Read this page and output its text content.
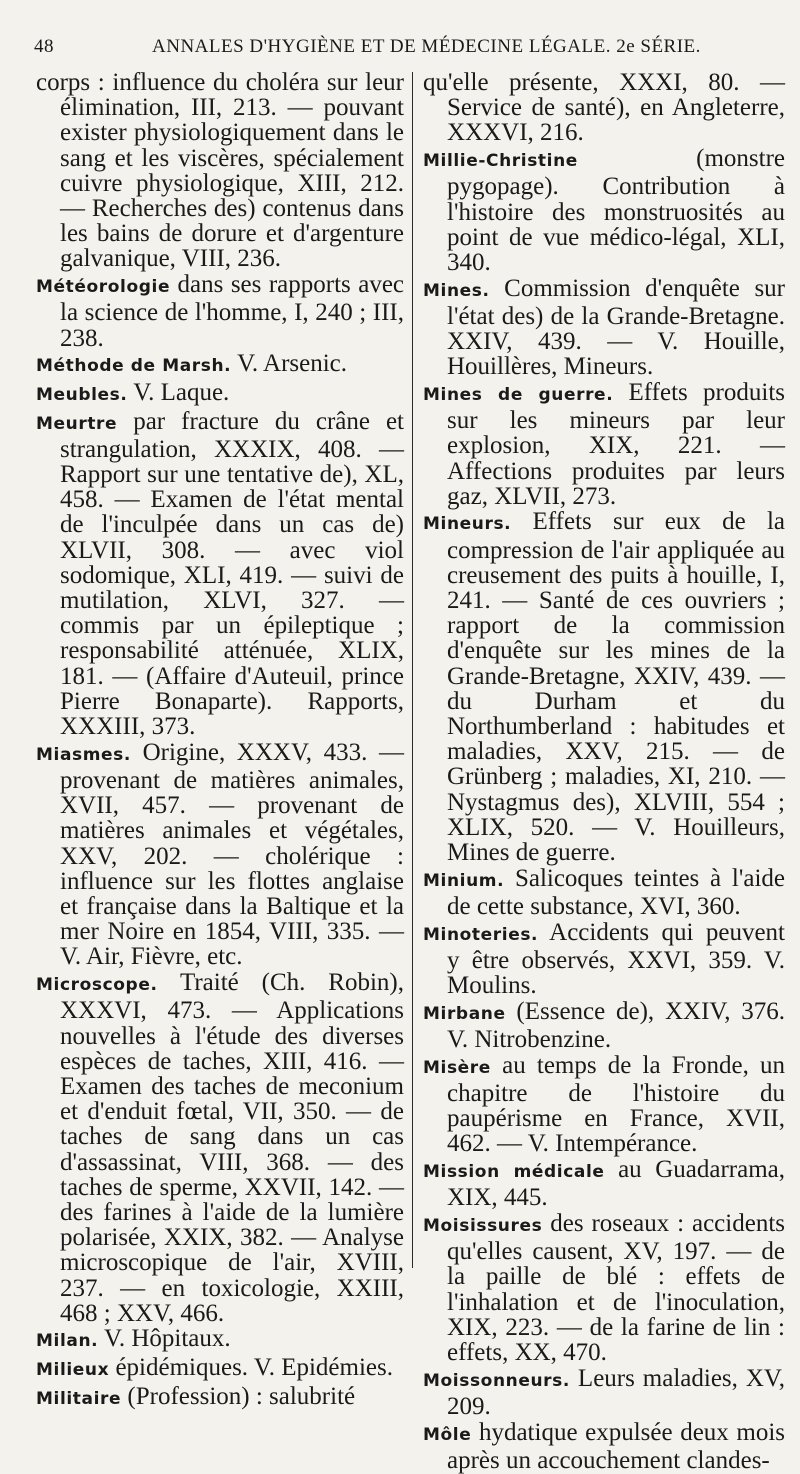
48	ANNALES D'HYGIÈNE ET DE MÉDECINE LÉGALE. 2e SÉRIE.

corps : influence du choléra sur leur élimination, III, 213. — pouvant exister physiologiquement dans le sang et les viscères, spécialement cuivre physiologique, XIII, 212. — Recherches des) contenus dans les bains de dorure et d'argenture galvanique, VIII, 236.

Météorologie dans ses rapports avec la science de l'homme, I, 240 ; III, 238.

Méthode de Marsh. V. Arsenic.

Meubles. V. Laque.

Meurtre par fracture du crâne et strangulation, XXXIX, 408. — Rapport sur une tentative de), XL, 458. — Examen de l'état mental de l'inculpée dans un cas de) XLVII, 308. — avec viol sodomique, XLI, 419. — suivi de mutilation, XLVI, 327. — commis par un épileptique ; responsabilité atténuée, XLIX, 181. — (Affaire d'Auteuil, prince Pierre Bonaparte). Rapports, XXXIII, 373.

Miasmes. Origine, XXXV, 433. — provenant de matières animales, XVII, 457. — provenant de matières animales et végétales, XXV, 202. — cholérique : influence sur les flottes anglaise et française dans la Baltique et la mer Noire en 1854, VIII, 335. — V. Air, Fièvre, etc.

Microscope. Traité (Ch. Robin), XXXVI, 473. — Applications nouvelles à l'étude des diverses espèces de taches, XIII, 416. — Examen des taches de meconium et d'enduit fœtal, VII, 350. — de taches de sang dans un cas d'assassinat, VIII, 368. — des taches de sperme, XXVII, 142. — des farines à l'aide de la lumière polarisée, XXIX, 382. — Analyse microscopique de l'air, XVIII, 237. — en toxicologie, XXIII, 468 ; XXV, 466.

Milan. V. Hôpitaux.

Milieux épidémiques. V. Epidémies.

Militaire (Profession) : salubrité

qu'elle présente, XXXI, 80. — Service de santé), en Angleterre, XXXVI, 216.

Millie-Christine	(monstre pygopage). Contribution à l'histoire des monstruosités au point de vue médico-légal, XLI, 340.

Mines. Commission d'enquête sur l'état des) de la Grande-Bretagne. XXIV, 439. — V. Houille, Houillères, Mineurs.

Mines de guerre. Effets produits sur les mineurs par leur explosion, XIX, 221. — Affections produites par leurs gaz, XLVII, 273.

Mineurs. Effets sur eux de la compression de l'air appliquée au creusement des puits à houille, I, 241. — Santé de ces ouvriers ; rapport de la commission d'enquête sur les mines de la Grande-Bretagne, XXIV, 439. — du Durham et du Northumberland : habitudes et maladies, XXV, 215. — de Grünberg ; maladies, XI, 210. — Nystagmus des), XLVIII, 554 ; XLIX, 520. — V. Houilleurs, Mines de guerre.

Minium. Salicoques teintes à l'aide de cette substance, XVI, 360.

Minoteries. Accidents qui peuvent y être observés, XXVI, 359. V. Moulins.

Mirbane (Essence de), XXIV, 376. V. Nitrobenzine.

Misère au temps de la Fronde, un chapitre de l'histoire du paupérisme en France, XVII, 462. — V. Intempérance.

Mission médicale au Guadarrama, XIX, 445.

Moisissures des roseaux : accidents qu'elles causent, XV, 197. — de la paille de blé : effets de l'inhalation et de l'inoculation, XIX, 223. — de la farine de lin : effets, XX, 470.

Moissonneurs. Leurs maladies, XV, 209.

Môle hydatique expulsée deux mois après un accouchement clandes-
